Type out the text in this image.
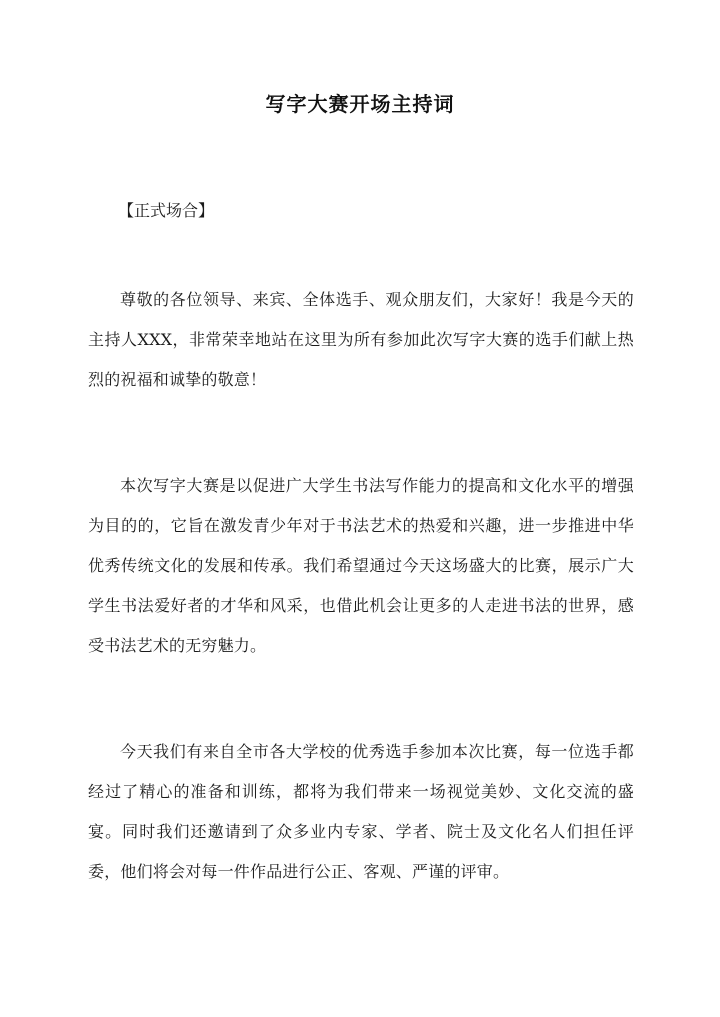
写字大赛开场主持词
【正式场合】
尊敬的各位领导、来宾、全体选手、观众朋友们，大家好！我是今天的主持人XXX，非常荣幸地站在这里为所有参加此次写字大赛的选手们献上热烈的祝福和诚挚的敬意！
本次写字大赛是以促进广大学生书法写作能力的提高和文化水平的增强为目的的，它旨在激发青少年对于书法艺术的热爱和兴趣，进一步推进中华优秀传统文化的发展和传承。我们希望通过今天这场盛大的比赛，展示广大学生书法爱好者的才华和风采，也借此机会让更多的人走进书法的世界，感受书法艺术的无穷魅力。
今天我们有来自全市各大学校的优秀选手参加本次比赛，每一位选手都经过了精心的准备和训练，都将为我们带来一场视觉美妙、文化交流的盛宴。同时我们还邀请到了众多业内专家、学者、院士及文化名人们担任评委，他们将会对每一件作品进行公正、客观、严谨的评审。
